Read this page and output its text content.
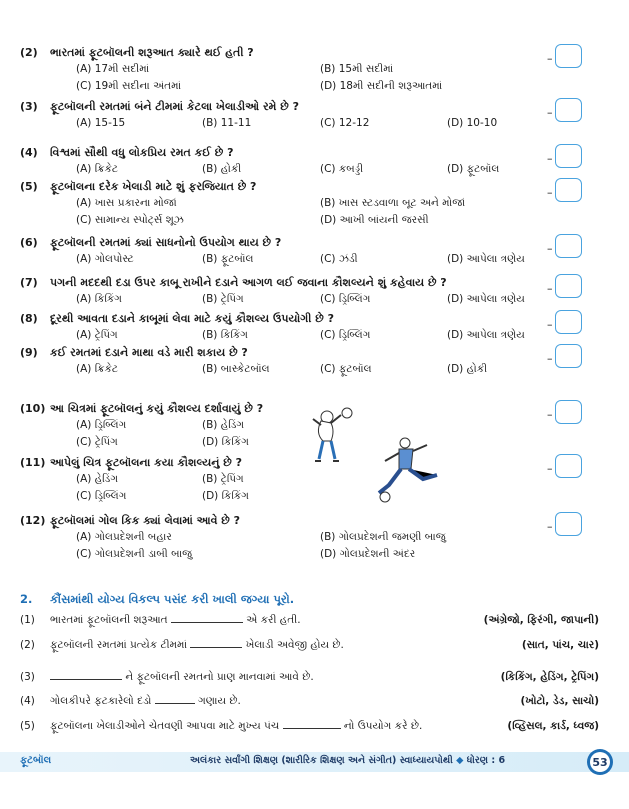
(2) ભારતમાં ફૂટબૉલની શરૂઆત ક્યારે થઈ હતી ?	–
(A) 17મી સદીમાં	(B) 15મી સદીમાં
(C) 19મી સદીના અંતમાં	(D) 18મી સદીની શરૂઆતમાં
(3) ફૂટબૉલની રમતમાં બંને ટીમમાં કેટલા ખેલાડીઓ રમે છે ?	–
(A) 15-15	(B) 11-11	(C) 12-12	(D) 10-10
(4) વિશ્વમાં સૌથી વધુ લોકપ્રિય રમત કઈ છે ?	–
(A) ક્રિકેટ	(B) હોકી	(C) કબડ્ડી	(D) ફૂટબૉલ
(5) ફૂટબૉલના દરેક ખેલાડી માટે શું ફરજિયાત છે ?	–
(A) ખાસ પ્રકારના મોજાં	(B) ખાસ સ્ટડવાળા બૂટ અને મોજાં
(C) સામાન્ય સ્પોર્ટ્સ શૂઝ	(D) આખી બાંયની જરસી
(6) ફૂટબૉલની રમતમાં ક્યાં સાધનોનો ઉપયોગ થાય છે ?	–
(A) ગોલપોસ્ટ	(B) ફૂટબૉલ	(C) ઝંડી	(D) આપેલા ત્રણેય
(7) પગની મદદથી દડા ઉપર કાબૂ રાખીને દડાને આગળ લઈ જવાના કૌશલ્યને શું કહેવાય છે ?	–
(A) કિકિંગ	(B) ટ્રેપિંગ	(C) ડ્રિબ્લિંગ	(D) આપેલા ત્રણેય
(8) દૂરથી આવતા દડાને કાબૂમાં લેવા માટે કયું કૌશલ્ય ઉપયોગી છે ?	–
(A) ટ્રેપિંગ	(B) કિકિંગ	(C) ડ્રિબ્લિંગ	(D) આપેલા ત્રણેય
(9) કઈ રમતમાં દડાને માથા વડે મારી શકાય છે ?	–
(A) ક્રિકેટ	(B) બાસ્કેટબૉલ	(C) ફૂટબૉલ	(D) હોકી
(10) આ ચિત્રમાં ફૂટબૉલનું કયું કૌશલ્ય દર્શાવાયું છે ?	–
(A) ડ્રિબ્લિંગ	(B) હેડિંગ
(C) ટ્રેપિંગ	(D) કિકિંગ
(11) આપેલું ચિત્ર ફૂટબૉલના કયા કૌશલ્યનું છે ?	–
(A) હેડિંગ	(B) ટ્રેપિંગ
(C) ડ્રિબ્લિંગ	(D) કિકિંગ
(12) ફૂટબૉલમાં ગોલ કિક ક્યાં લેવામાં આવે છે ?	–
(A) ગોલપ્રદેશની બહાર	(B) ગોલપ્રદેશની જમણી બાજુ
(C) ગોલપ્રદેશની ડાબી બાજુ	(D) ગોલપ્રદેશની અંદર
2. કૌંસમાંથી યોગ્ય વિકલ્પ પસંદ કરી ખાલી જગ્યા પૂરો.
(1) ભારતમાં ફૂટબૉલની શરૂઆત	એ કરી હતી.	(અંગ્રેજો, ફિરંગી, જાપાની)
(2) ફૂટબૉલની રમતમાં પ્રત્યેક ટીમમાં	ખેલાડી અવેજી હોય છે.	(સાત, પાંચ, ચાર)
(3)	ને ફૂટબૉલની રમતનો પ્રાણ માનવામાં આવે છે.	(કિકિંગ, હેડિંગ, ટ્રેપિંગ)
(4) ગોલકીપરે ફટકારેલો દડો	ગણાય છે.	(ખોટો, ડેડ, સાચો)
(5) ફૂટબૉલના ખેલાડીઓને ચેતવણી આપવા માટે મુખ્ય પંચ	નો ઉપયોગ કરે છે.	(વ્હિસલ, કાર્ડ, ધ્વજ)
ફૂટબૉલ	અલંકાર સર્વાંગી શિક્ષણ (શારીરિક શિક્ષણ અને સંગીત) સ્વાધ્યાયપોથી ◆ ધોરણ : 6	53
